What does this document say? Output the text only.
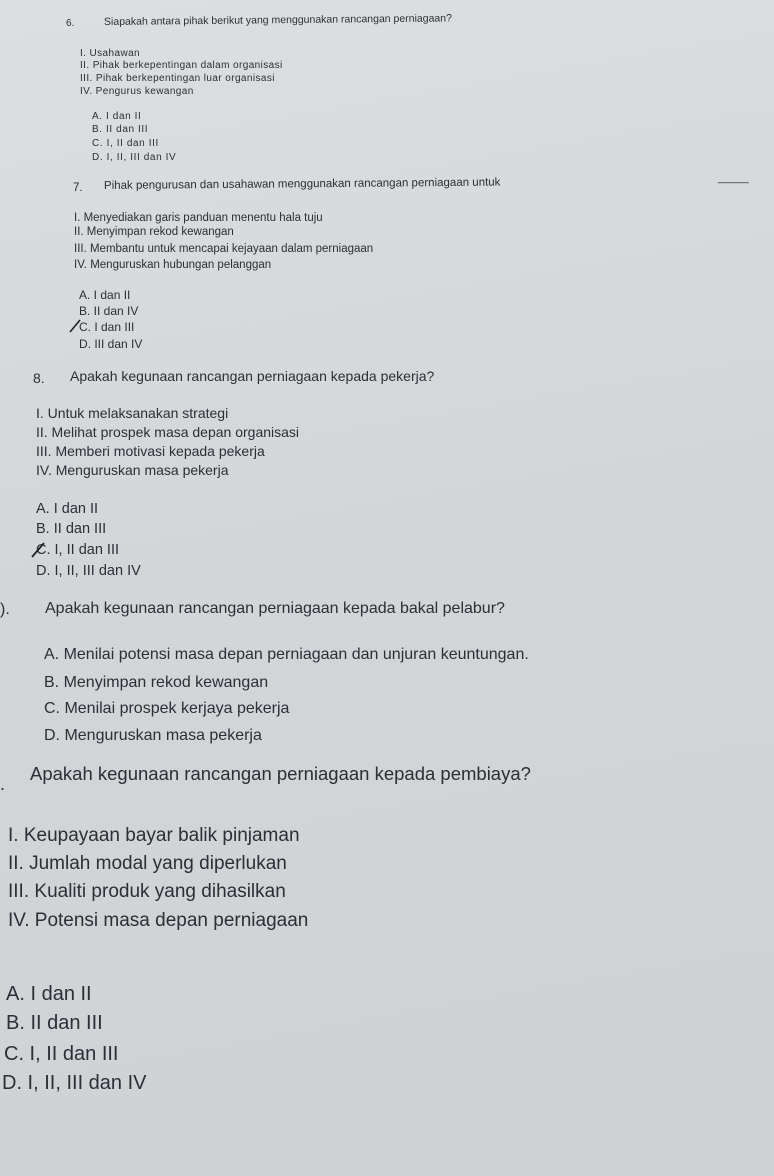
6.	Siapakah antara pihak berikut yang menggunakan rancangan perniagaan?
I. Usahawan
II. Pihak berkepentingan dalam organisasi
III. Pihak berkepentingan luar organisasi
IV. Pengurus kewangan
A. I dan II
B. II dan III
C. I, II dan III
D. I, II, III dan IV
7. Pihak pengurusan dan usahawan menggunakan rancangan perniagaan untuk	_____
I. Menyediakan garis panduan menentu hala tuju
II. Menyimpan rekod kewangan
III. Membantu untuk mencapai kejayaan dalam perniagaan
IV. Menguruskan hubungan pelanggan
A. I dan II
B. II dan IV
C. I dan III
D. III dan IV
8. Apakah kegunaan rancangan perniagaan kepada pekerja?
I. Untuk melaksanakan strategi
II. Melihat prospek masa depan organisasi
III. Memberi motivasi kepada pekerja
IV. Menguruskan masa pekerja
A. I dan II
B. II dan III
C. I, II dan III
D. I, II, III dan IV
). Apakah kegunaan rancangan perniagaan kepada bakal pelabur?
A. Menilai potensi masa depan perniagaan dan unjuran keuntungan.
B. Menyimpan rekod kewangan
C. Menilai prospek kerjaya pekerja
D. Menguruskan masa pekerja
. Apakah kegunaan rancangan perniagaan kepada pembiaya?
I. Keupayaan bayar balik pinjaman
II. Jumlah modal yang diperlukan
III. Kualiti produk yang dihasilkan
IV. Potensi masa depan perniagaan
A. I dan II
B. II dan III
C. I, II dan III
D. I, II, III dan IV
